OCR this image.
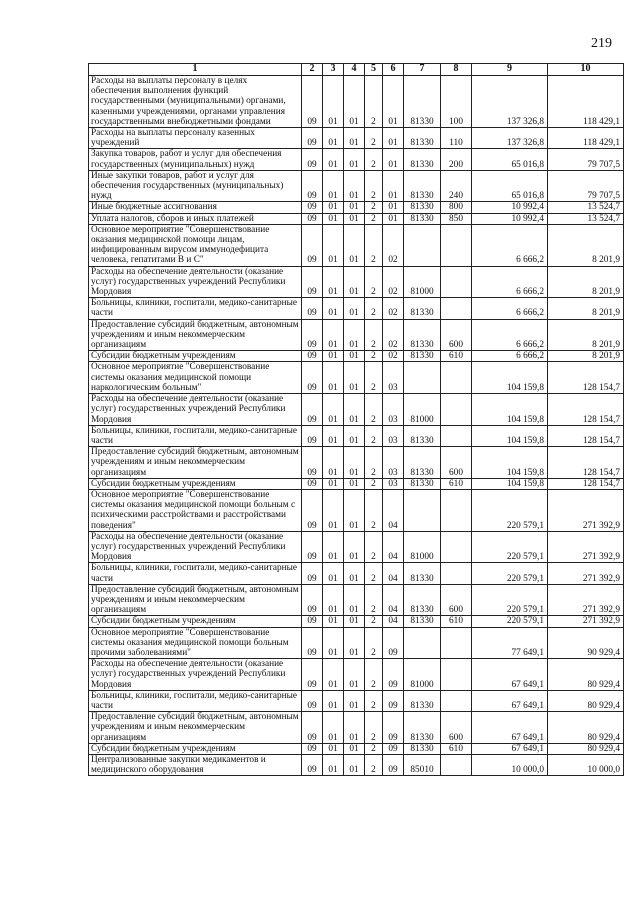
219
1	2	3	4	5	6	7	8	9	10
Расходы на выплаты персоналу в целях обеспечения выполнения функций государственными (муниципальными) органами, казенными учреждениями, органами управления государственными внебюджетными фондами	09	01	01	2	01	81330	100	137 326,8	118 429,1
Расходы на выплаты персоналу казенных учреждений	09	01	01	2	01	81330	110	137 326,8	118 429,1
Закупка товаров, работ и услуг для обеспечения государственных (муниципальных) нужд	09	01	01	2	01	81330	200	65 016,8	79 707,5
Иные закупки товаров, работ и услуг для обеспечения государственных (муниципальных) нужд	09	01	01	2	01	81330	240	65 016,8	79 707,5
Иные бюджетные ассигнования	09	01	01	2	01	81330	800	10 992,4	13 524,7
Уплата налогов, сборов и иных платежей	09	01	01	2	01	81330	850	10 992,4	13 524,7
Основное мероприятие "Совершенствование оказания медицинской помощи лицам, инфицированным вирусом иммунодефицита человека, гепатитами В и С"	09	01	01	2	02			6 666,2	8 201,9
Расходы на обеспечение деятельности (оказание услуг) государственных учреждений Республики Мордовия	09	01	01	2	02	81000		6 666,2	8 201,9
Больницы, клиники, госпитали, медико-санитарные части	09	01	01	2	02	81330		6 666,2	8 201,9
Предоставление субсидий бюджетным, автономным учреждениям и иным некоммерческим организациям	09	01	01	2	02	81330	600	6 666,2	8 201,9
Субсидии бюджетным учреждениям	09	01	01	2	02	81330	610	6 666,2	8 201,9
Основное мероприятие "Совершенствование системы оказания медицинской помощи наркологическим больным"	09	01	01	2	03			104 159,8	128 154,7
Расходы на обеспечение деятельности (оказание услуг) государственных учреждений Республики Мордовия	09	01	01	2	03	81000		104 159,8	128 154,7
Больницы, клиники, госпитали, медико-санитарные части	09	01	01	2	03	81330		104 159,8	128 154,7
Предоставление субсидий бюджетным, автономным учреждениям и иным некоммерческим организациям	09	01	01	2	03	81330	600	104 159,8	128 154,7
Субсидии бюджетным учреждениям	09	01	01	2	03	81330	610	104 159,8	128 154,7
Основное мероприятие "Совершенствование системы оказания медицинской помощи больным с психическими расстройствами и расстройствами поведения"	09	01	01	2	04			220 579,1	271 392,9
Расходы на обеспечение деятельности (оказание услуг) государственных учреждений Республики Мордовия	09	01	01	2	04	81000		220 579,1	271 392,9
Больницы, клиники, госпитали, медико-санитарные части	09	01	01	2	04	81330		220 579,1	271 392,9
Предоставление субсидий бюджетным, автономным учреждениям и иным некоммерческим организациям	09	01	01	2	04	81330	600	220 579,1	271 392,9
Субсидии бюджетным учреждениям	09	01	01	2	04	81330	610	220 579,1	271 392,9
Основное мероприятие "Совершенствование системы оказания медицинской помощи больным прочими заболеваниями"	09	01	01	2	09			77 649,1	90 929,4
Расходы на обеспечение деятельности (оказание услуг) государственных учреждений Республики Мордовия	09	01	01	2	09	81000		67 649,1	80 929,4
Больницы, клиники, госпитали, медико-санитарные части	09	01	01	2	09	81330		67 649,1	80 929,4
Предоставление субсидий бюджетным, автономным учреждениям и иным некоммерческим организациям	09	01	01	2	09	81330	600	67 649,1	80 929,4
Субсидии бюджетным учреждениям	09	01	01	2	09	81330	610	67 649,1	80 929,4
Централизованные закупки медикаментов и медицинского оборудования	09	01	01	2	09	85010		10 000,0	10 000,0
